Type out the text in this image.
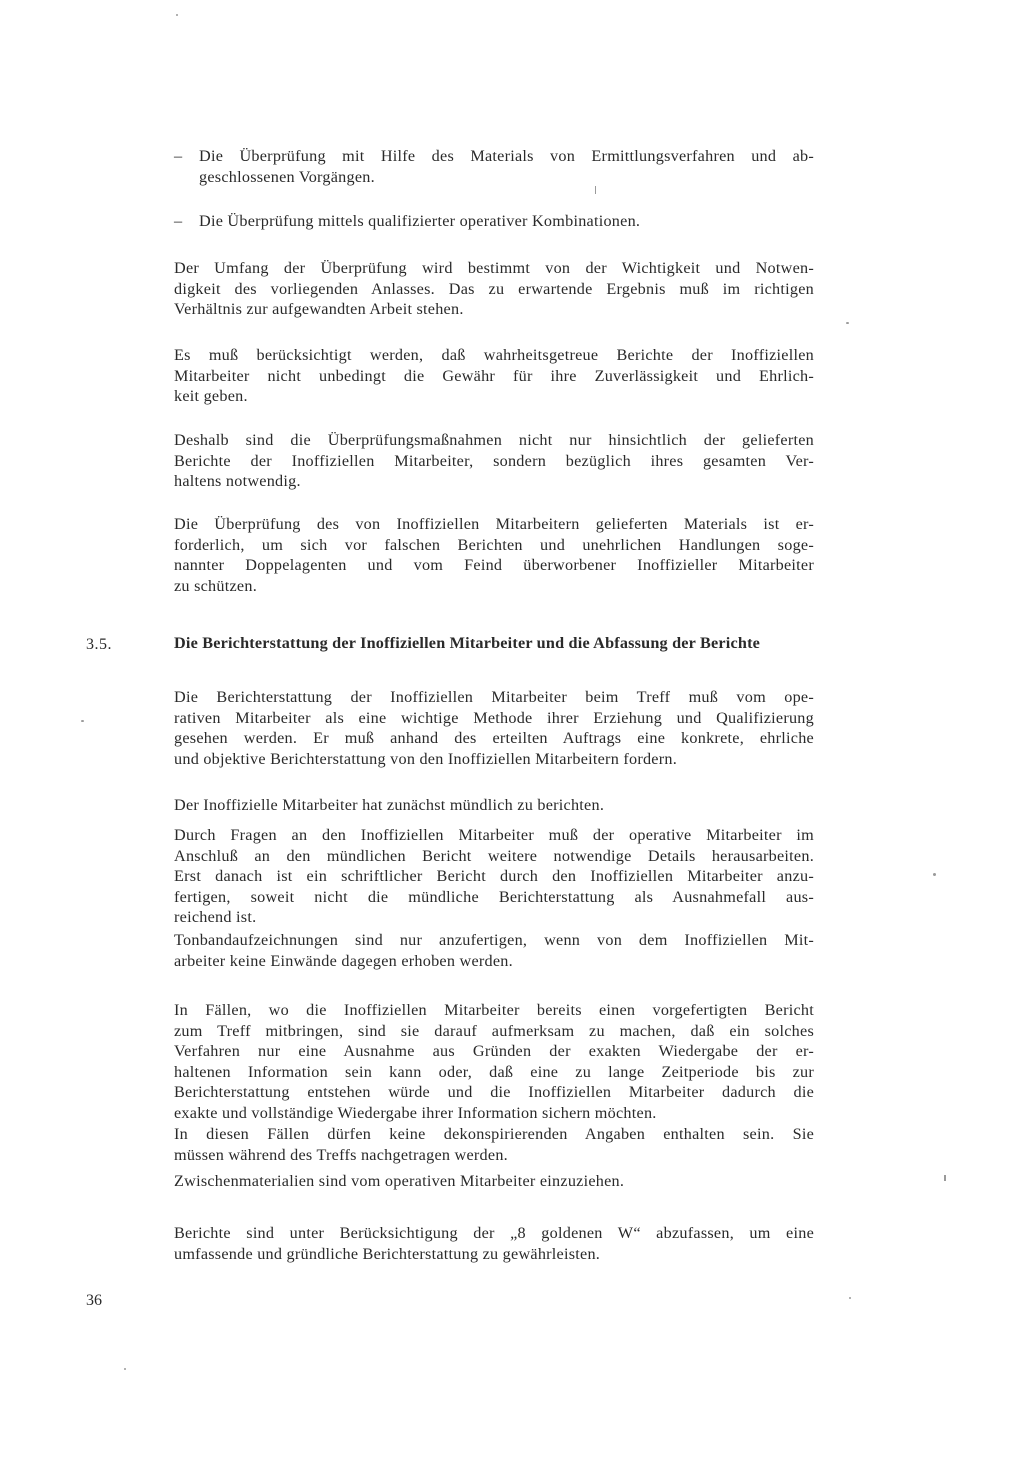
– Die Überprüfung mit Hilfe des Materials von Ermittlungsverfahren und ab-
geschlossenen Vorgängen.
– Die Überprüfung mittels qualifizierter operativer Kombinationen.
Der Umfang der Überprüfung wird bestimmt von der Wichtigkeit und Notwen-
digkeit des vorliegenden Anlasses. Das zu erwartende Ergebnis muß im richtigen
Verhältnis zur aufgewandten Arbeit stehen.
Es muß berücksichtigt werden, daß wahrheitsgetreue Berichte der Inoffiziellen
Mitarbeiter nicht unbedingt die Gewähr für ihre Zuverlässigkeit und Ehrlich-
keit geben.
Deshalb sind die Überprüfungsmaßnahmen nicht nur hinsichtlich der gelieferten
Berichte der Inoffiziellen Mitarbeiter, sondern bezüglich ihres gesamten Ver-
haltens notwendig.
Die Überprüfung des von Inoffiziellen Mitarbeitern gelieferten Materials ist er-
forderlich, um sich vor falschen Berichten und unehrlichen Handlungen soge-
nannter Doppelagenten und vom Feind überworbener Inoffizieller Mitarbeiter
zu schützen.
3.5.	Die Berichterstattung der Inoffiziellen Mitarbeiter und die Abfassung der Berichte
Die Berichterstattung der Inoffiziellen Mitarbeiter beim Treff muß vom ope-
rativen Mitarbeiter als eine wichtige Methode ihrer Erziehung und Qualifizierung
gesehen werden. Er muß anhand des erteilten Auftrags eine konkrete, ehrliche
und objektive Berichterstattung von den Inoffiziellen Mitarbeitern fordern.
Der Inoffizielle Mitarbeiter hat zunächst mündlich zu berichten.
Durch Fragen an den Inoffiziellen Mitarbeiter muß der operative Mitarbeiter im
Anschluß an den mündlichen Bericht weitere notwendige Details herausarbeiten.
Erst danach ist ein schriftlicher Bericht durch den Inoffiziellen Mitarbeiter anzu-
fertigen, soweit nicht die mündliche Berichterstattung als Ausnahmefall aus-
reichend ist.
Tonbandaufzeichnungen sind nur anzufertigen, wenn von dem Inoffiziellen Mit-
arbeiter keine Einwände dagegen erhoben werden.
In Fällen, wo die Inoffiziellen Mitarbeiter bereits einen vorgefertigten Bericht
zum Treff mitbringen, sind sie darauf aufmerksam zu machen, daß ein solches
Verfahren nur eine Ausnahme aus Gründen der exakten Wiedergabe der er-
haltenen Information sein kann oder, daß eine zu lange Zeitperiode bis zur
Berichterstattung entstehen würde und die Inoffiziellen Mitarbeiter dadurch die
exakte und vollständige Wiedergabe ihrer Information sichern möchten.
In diesen Fällen dürfen keine dekonspirierenden Angaben enthalten sein. Sie
müssen während des Treffs nachgetragen werden.
Zwischenmaterialien sind vom operativen Mitarbeiter einzuziehen.
Berichte sind unter Berücksichtigung der „8 goldenen W“ abzufassen, um eine
umfassende und gründliche Berichterstattung zu gewährleisten.
36
